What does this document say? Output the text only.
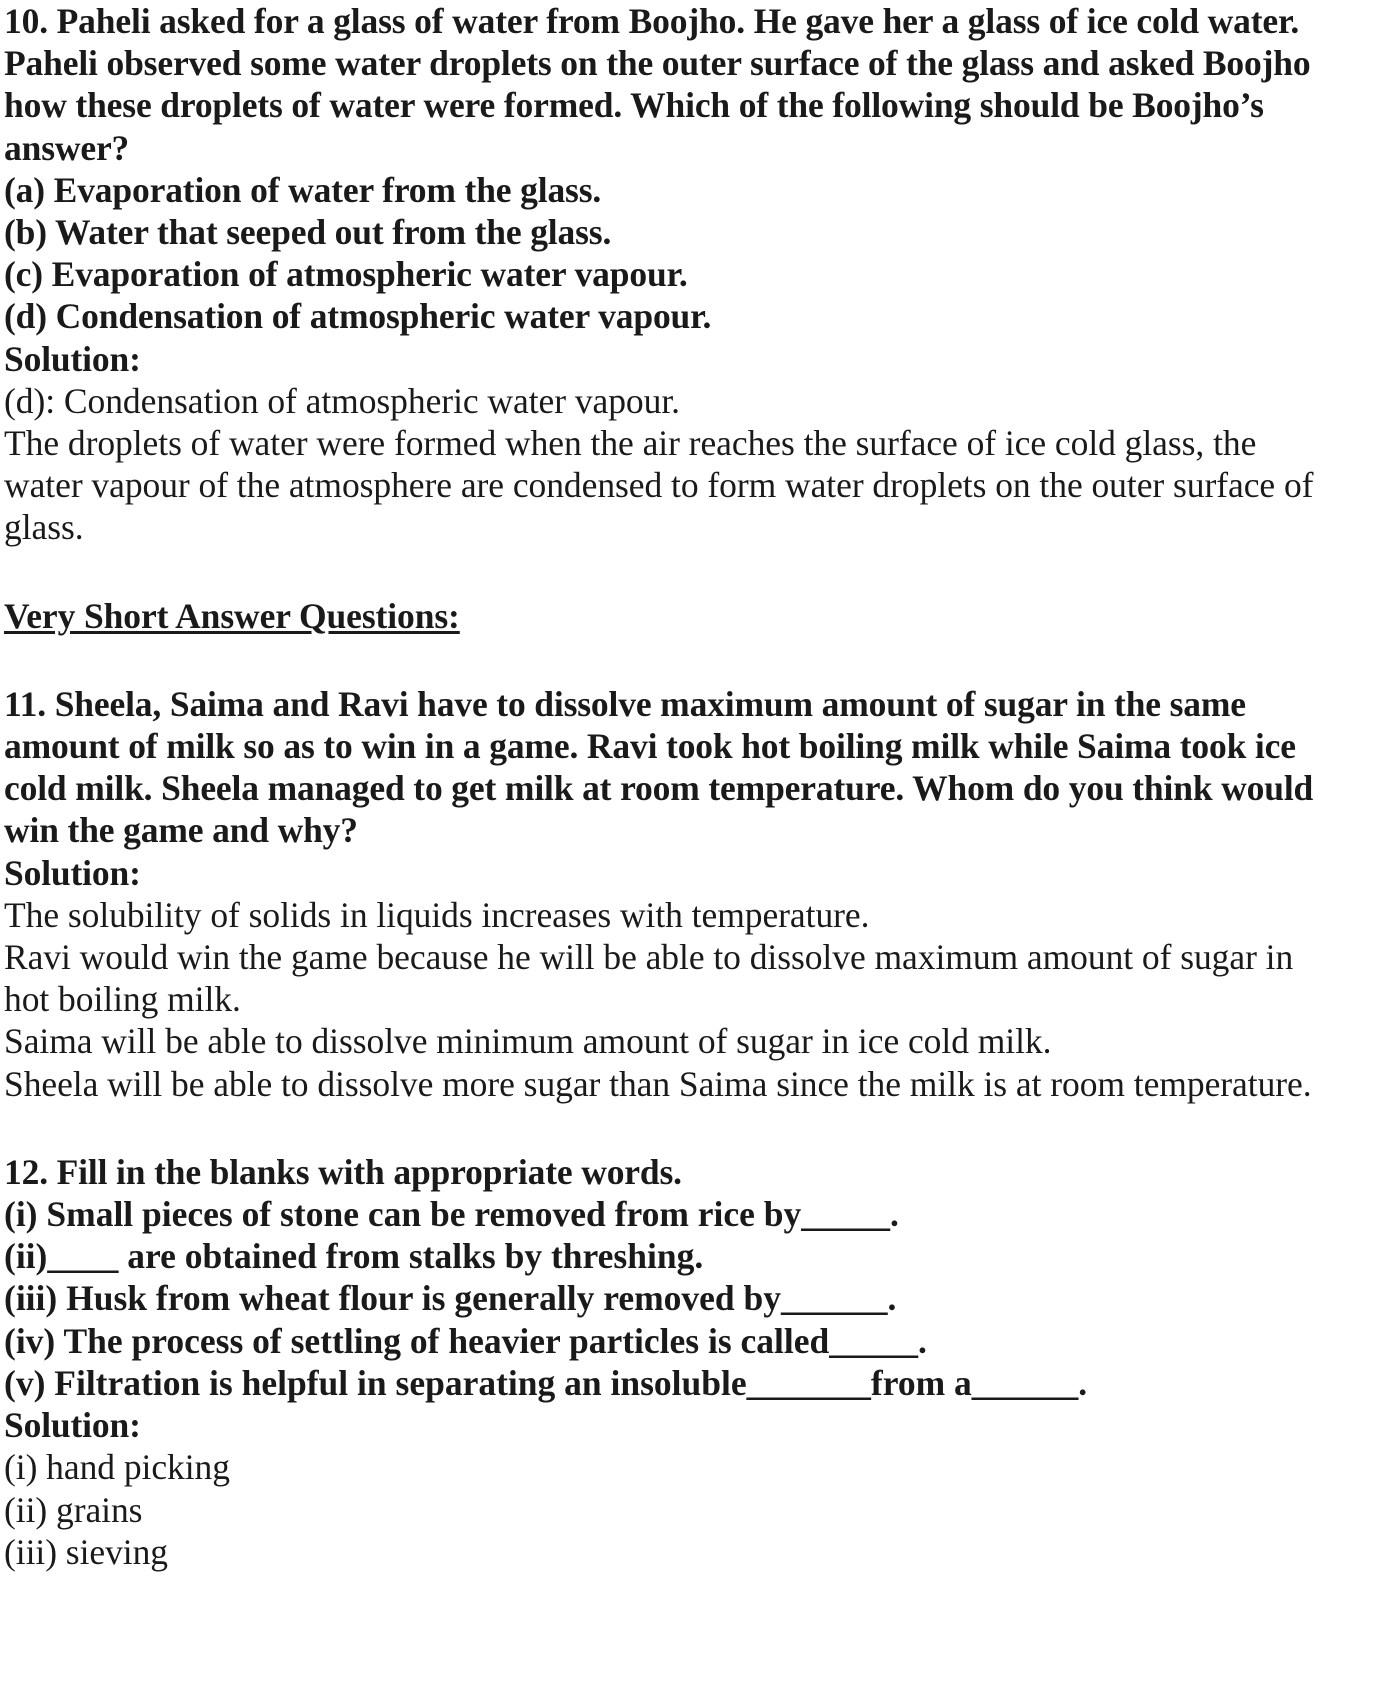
10. Paheli asked for a glass of water from Boojho. He gave her a glass of ice cold water. Paheli observed some water droplets on the outer surface of the glass and asked Boojho how these droplets of water were formed. Which of the following should be Boojho’s answer?

(a) Evaporation of water from the glass.

(b) Water that seeped out from the glass.

(c) Evaporation of atmospheric water vapour.

(d) Condensation of atmospheric water vapour.

Solution:

(d): Condensation of atmospheric water vapour.

The droplets of water were formed when the air reaches the surface of ice cold glass, the water vapour of the atmosphere are condensed to form water droplets on the outer surface of glass.

Very Short Answer Questions:

11. Sheela, Saima and Ravi have to dissolve maximum amount of sugar in the same amount of milk so as to win in a game. Ravi took hot boiling milk while Saima took ice cold milk. Sheela managed to get milk at room temperature. Whom do you think would win the game and why?

Solution:

The solubility of solids in liquids increases with temperature.

Ravi would win the game because he will be able to dissolve maximum amount of sugar in hot boiling milk.

Saima will be able to dissolve minimum amount of sugar in ice cold milk.

Sheela will be able to dissolve more sugar than Saima since the milk is at room temperature.

12. Fill in the blanks with appropriate words.

(i) Small pieces of stone can be removed from rice by_____.

(ii)____ are obtained from stalks by threshing.

(iii) Husk from wheat flour is generally removed by______.

(iv) The process of settling of heavier particles is called_____.

(v) Filtration is helpful in separating an insoluble_______from a______.

Solution:

(i) hand picking

(ii) grains

(iii) sieving
